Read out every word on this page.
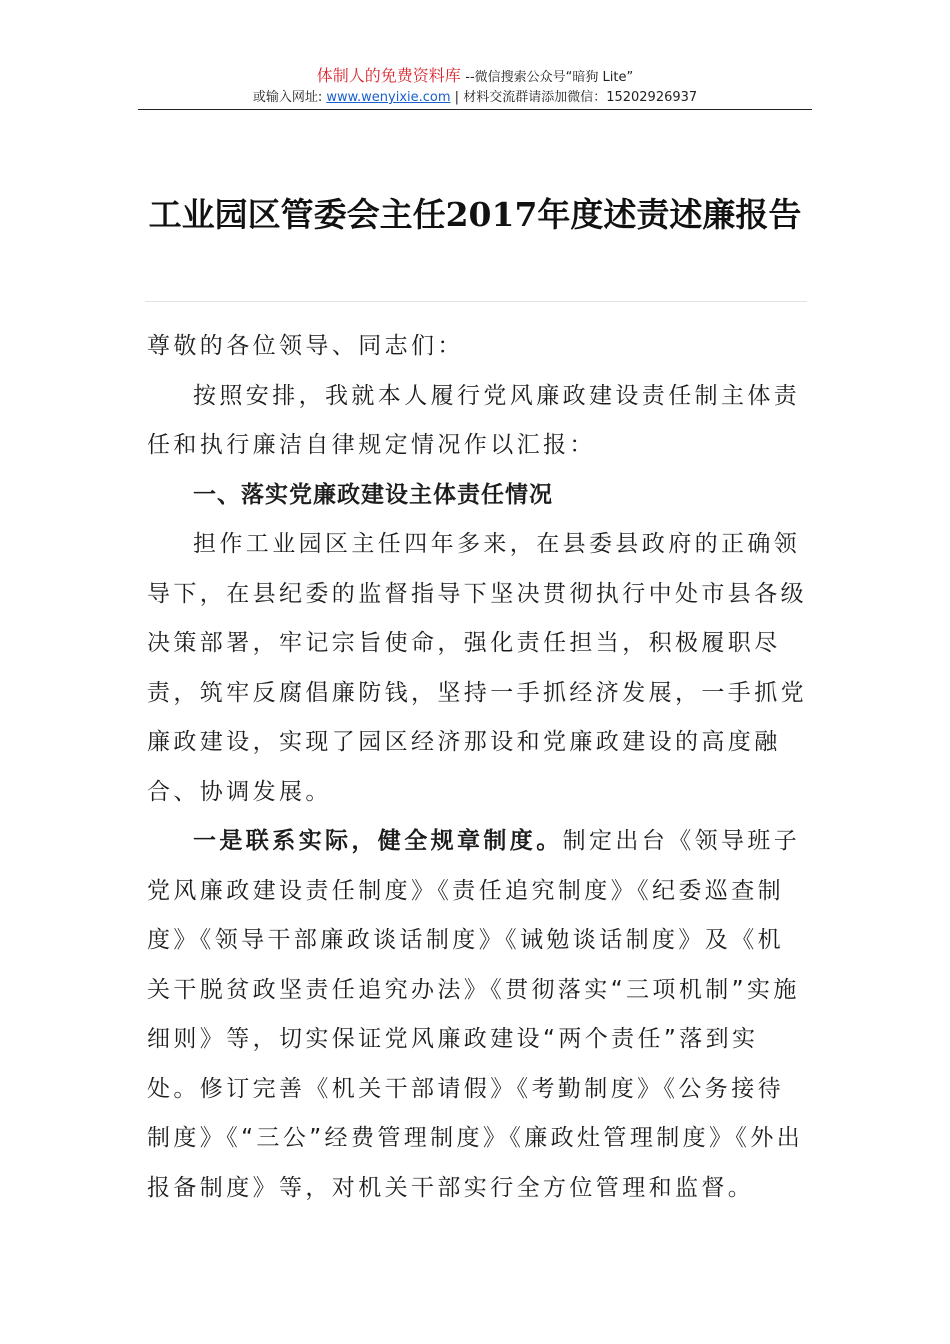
体制人的免费资料库 --微信搜索公众号“暗狗 Lite”
或输入网址: www.wenyixie.com | 材料交流群请添加微信：15202926937
工业园区管委会主任2017年度述责述廉报告

尊敬的各位领导、同志们：

按照安排，我就本人履行党风廉政建设责任制主体责任和执行廉洁自律规定情况作以汇报：

一、落实党廉政建设主体责任情况

担作工业园区主任四年多来，在县委县政府的正确领导下，在县纪委的监督指导下坚决贯彻执行中处市县各级决策部署，牢记宗旨使命，强化责任担当，积极履职尽责，筑牢反腐倡廉防钱，坚持一手抓经济发展，一手抓党廉政建设，实现了园区经济那设和党廉政建设的高度融合、协调发展。

一是联系实际，健全规章制度。制定出台《领导班子党风廉政建设责任制度》《责任追究制度》《纪委巡查制度》《领导干部廉政谈话制度》《诫勉谈话制度》及《机关干脱贫政坚责任追究办法》《贯彻落实“三项机制”实施细则》等，切实保证党风廉政建设“两个责任”落到实处。修订完善《机关干部请假》《考勤制度》《公务接待制度》《“三公”经费管理制度》《廉政灶管理制度》《外出报备制度》等，对机关干部实行全方位管理和监督。
